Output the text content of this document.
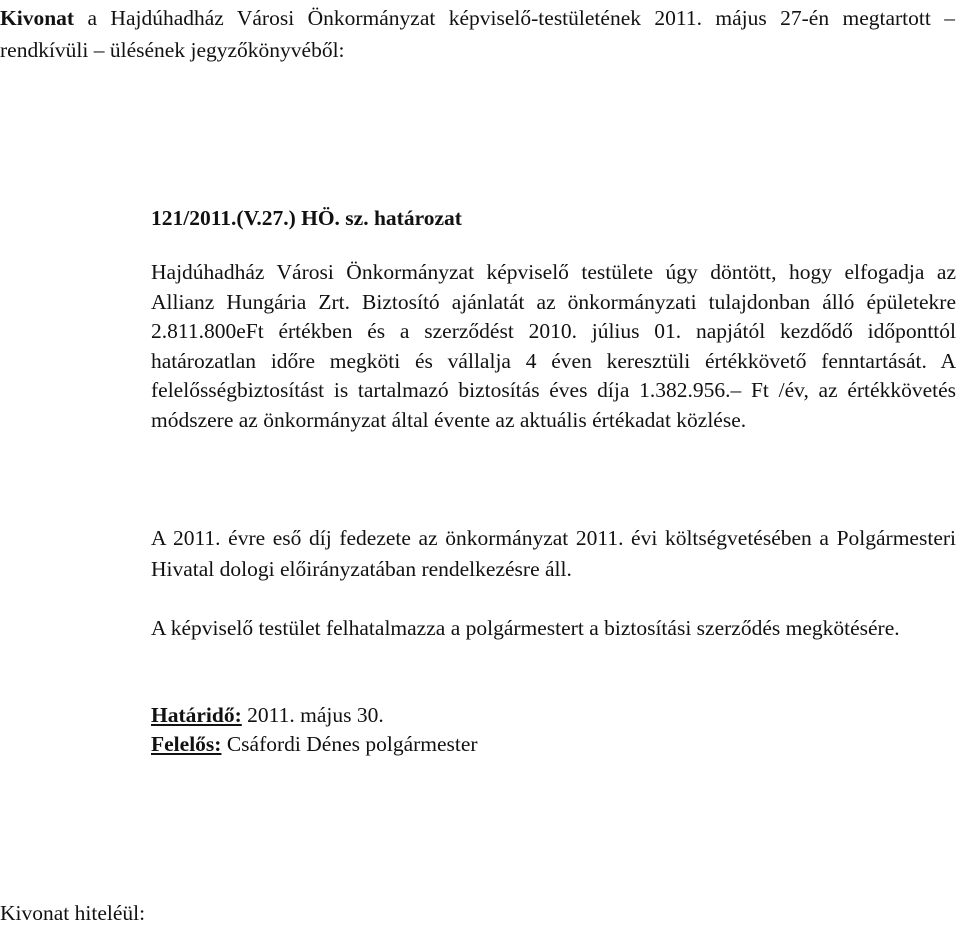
Kivonat a Hajdúhadház Városi Önkormányzat képviselő-testületének 2011. május 27-én megtartott – rendkívüli – ülésének jegyzőkönyvéből:
121/2011.(V.27.) HÖ. sz. határozat
Hajdúhadház Városi Önkormányzat képviselő testülete úgy döntött, hogy elfogadja az Allianz Hungária Zrt. Biztosító ajánlatát az önkormányzati tulajdonban álló épületekre 2.811.800eFt értékben és a szerződést 2010. július 01. napjától kezdődő időponttól határozatlan időre megköti és vállalja 4 éven keresztüli értékkövető fenntartását. A felelősségbiztosítást is tartalmazó biztosítás éves díja 1.382.956.– Ft /év, az értékkövetés módszere az önkormányzat által évente az aktuális értékadat közlése.
A 2011. évre eső díj fedezete az önkormányzat 2011. évi költségvetésében a Polgármesteri Hivatal dologi előirányzatában rendelkezésre áll.
A képviselő testület felhatalmazza a polgármestert a biztosítási szerződés megkötésére.
Határidő: 2011. május 30.
Felelős: Csáfordi Dénes polgármester
Kivonat hiteléül:
